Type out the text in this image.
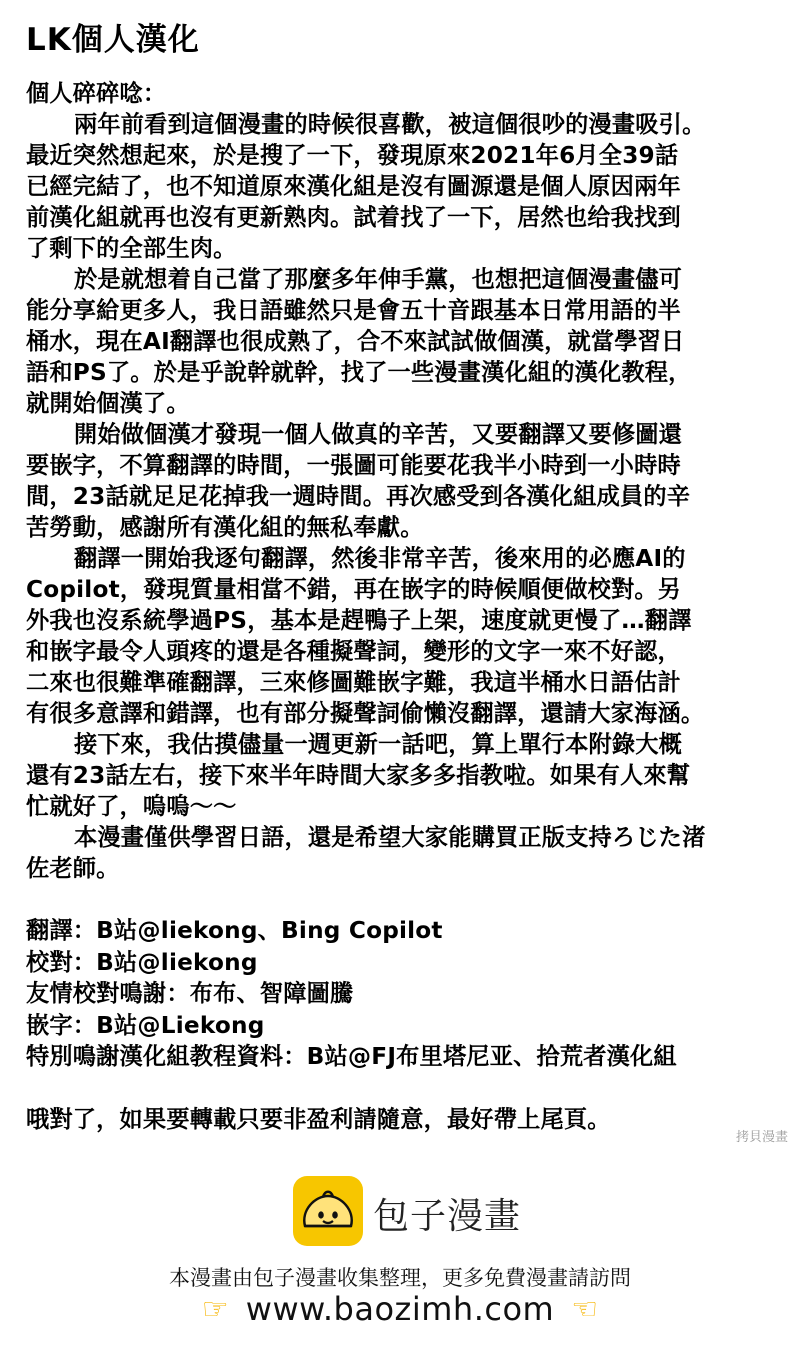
LK個人漢化
個人碎碎唸：
兩年前看到這個漫畫的時候很喜歡，被這個很吵的漫畫吸引。
最近突然想起來，於是搜了一下，發現原來2021年6月全39話
已經完結了，也不知道原來漢化組是沒有圖源還是個人原因兩年
前漢化組就再也沒有更新熟肉。試着找了一下，居然也给我找到
了剩下的全部生肉。
於是就想着自己當了那麼多年伸手黨，也想把這個漫畫儘可
能分享給更多人，我日語雖然只是會五十音跟基本日常用語的半
桶水，現在AI翻譯也很成熟了，合不來試試做個漢，就當學習日
語和PS了。於是乎說幹就幹，找了一些漫畫漢化組的漢化教程，
就開始個漢了。
開始做個漢才發現一個人做真的辛苦，又要翻譯又要修圖還
要嵌字，不算翻譯的時間，一張圖可能要花我半小時到一小時時
間，23話就足足花掉我一週時間。再次感受到各漢化組成員的辛
苦勞動，感謝所有漢化組的無私奉獻。
翻譯一開始我逐句翻譯，然後非常辛苦，後來用的必應AI的
Copilot，發現質量相當不錯，再在嵌字的時候順便做校對。另
外我也沒系統學過PS，基本是趕鴨子上架，速度就更慢了…翻譯
和嵌字最令人頭疼的還是各種擬聲詞，變形的文字一來不好認，
二來也很難準確翻譯，三來修圖難嵌字難，我這半桶水日語估計
有很多意譯和錯譯，也有部分擬聲詞偷懶沒翻譯，還請大家海涵。
接下來，我估摸儘量一週更新一話吧，算上單行本附錄大概
還有23話左右，接下來半年時間大家多多指教啦。如果有人來幫
忙就好了，嗚嗚～～
本漫畫僅供學習日語，還是希望大家能購買正版支持ろじた渚
佐老師。
翻譯：B站@liekong、Bing Copilot
校對：B站@liekong
友情校對鳴謝：布布、智障圖騰
嵌字：B站@Liekong
特別鳴謝漢化組教程資料：B站@FJ布里塔尼亚、拾荒者漢化組
哦對了，如果要轉載只要非盈利請隨意，最好帶上尾頁。
拷貝漫畫
包子漫畫
本漫畫由包子漫畫收集整理，更多免費漫畫請訪問
☞ www.baozimh.com ☜
